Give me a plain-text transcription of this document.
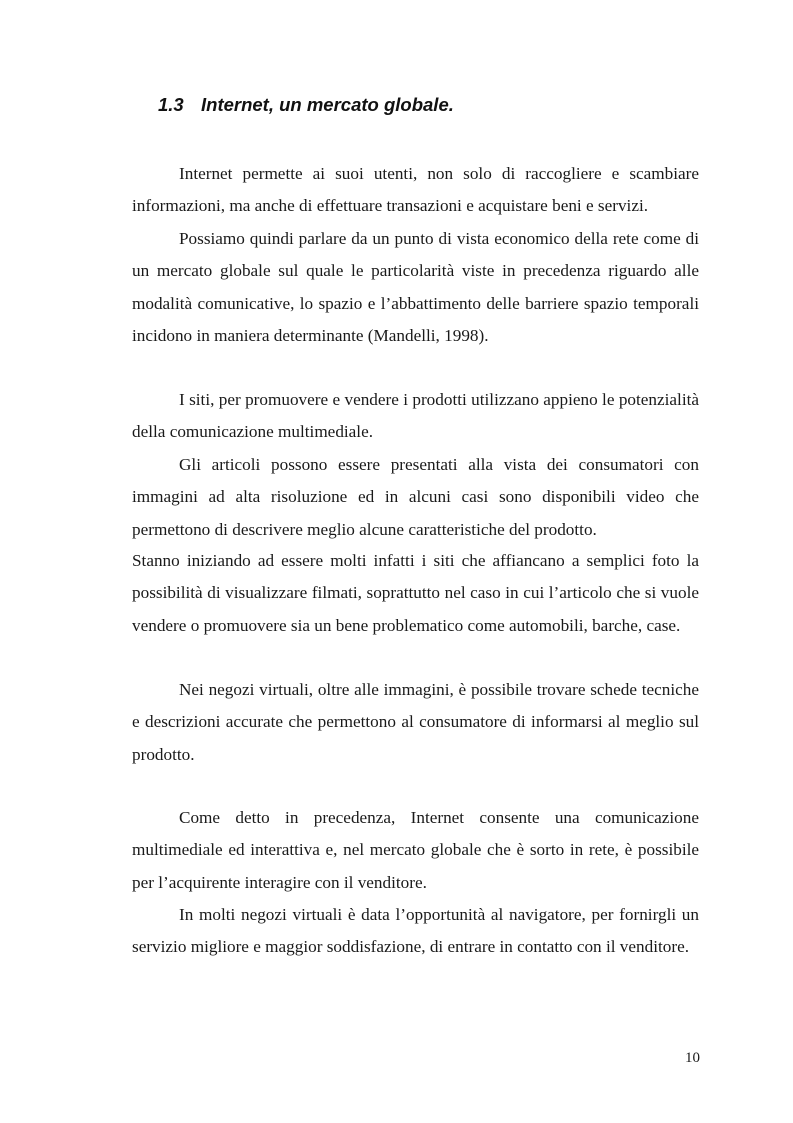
1.3 Internet, un mercato globale.

Internet permette ai suoi utenti, non solo di raccogliere e scambiare informazioni, ma anche di effettuare transazioni e acquistare beni e servizi.

Possiamo quindi parlare da un punto di vista economico della rete come di un mercato globale sul quale le particolarità viste in precedenza riguardo alle modalità comunicative, lo spazio e l’abbattimento delle barriere spazio temporali incidono in maniera determinante (Mandelli, 1998).

I siti, per promuovere e vendere i prodotti utilizzano appieno le potenzialità della comunicazione multimediale.

Gli articoli possono essere presentati alla vista dei consumatori con immagini ad alta risoluzione ed in alcuni casi sono disponibili video che permettono di descrivere meglio alcune caratteristiche del prodotto.

Stanno iniziando ad essere molti infatti i siti che affiancano a semplici foto la possibilità di visualizzare filmati, soprattutto nel caso in cui l’articolo che si vuole vendere o promuovere sia un bene problematico come automobili, barche, case.

Nei negozi virtuali, oltre alle immagini, è possibile trovare schede tecniche e descrizioni accurate che permettono al consumatore di informarsi al meglio sul prodotto.

Come detto in precedenza, Internet consente una comunicazione multimediale ed interattiva e, nel mercato globale che è sorto in rete, è possibile per l’acquirente interagire con il venditore.

In molti negozi virtuali è data l’opportunità al navigatore, per fornirgli un servizio migliore e maggior soddisfazione, di entrare in contatto con il venditore.

10
